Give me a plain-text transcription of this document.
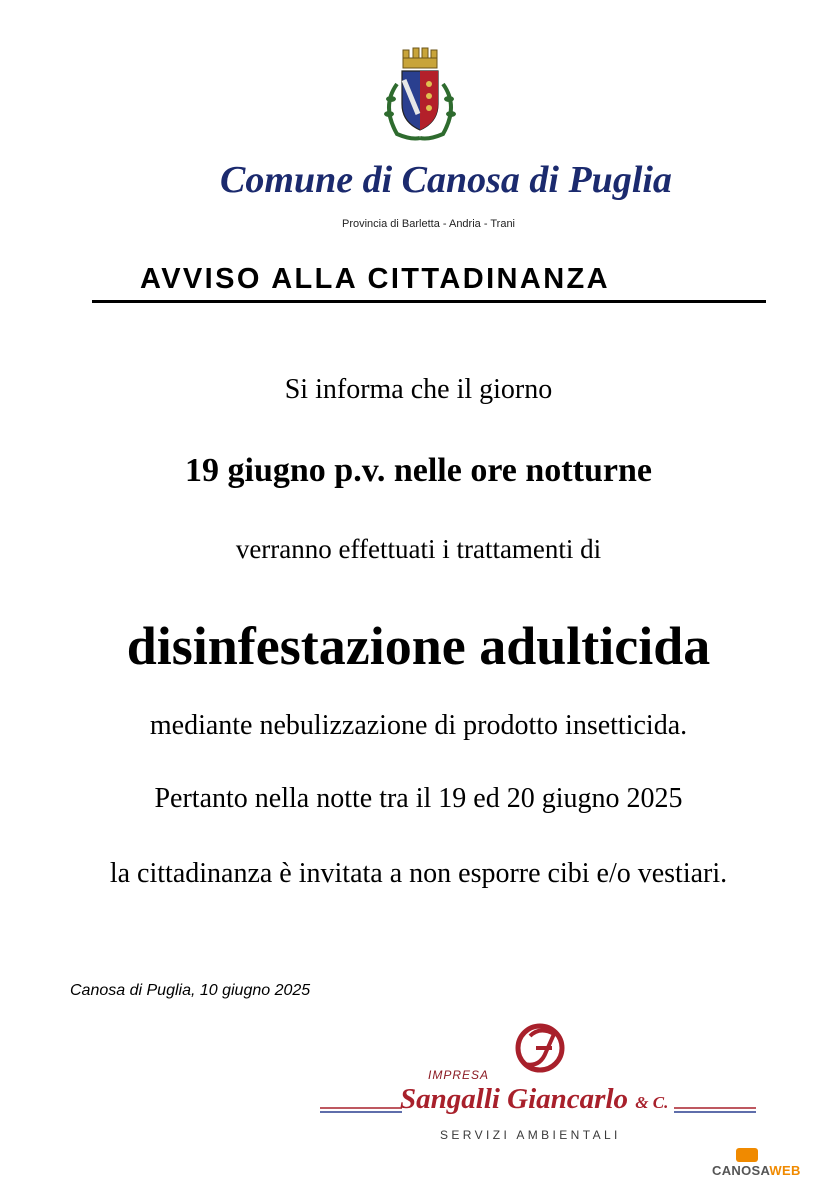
Comune di Canosa di Puglia
Provincia di Barletta - Andria - Trani
AVVISO ALLA CITTADINANZA
Si informa che il giorno
19 giugno p.v. nelle ore notturne
verranno effettuati i trattamenti di
disinfestazione adulticida
mediante nebulizzazione di prodotto insetticida.
Pertanto nella notte tra il 19 ed 20 giugno 2025
la cittadinanza è invitata a non esporre cibi e/o vestiari.
Canosa di Puglia, 10 giugno 2025
IMPRESA
Sangalli Giancarlo & C.
SERVIZI AMBIENTALI
CANOSAWEB
